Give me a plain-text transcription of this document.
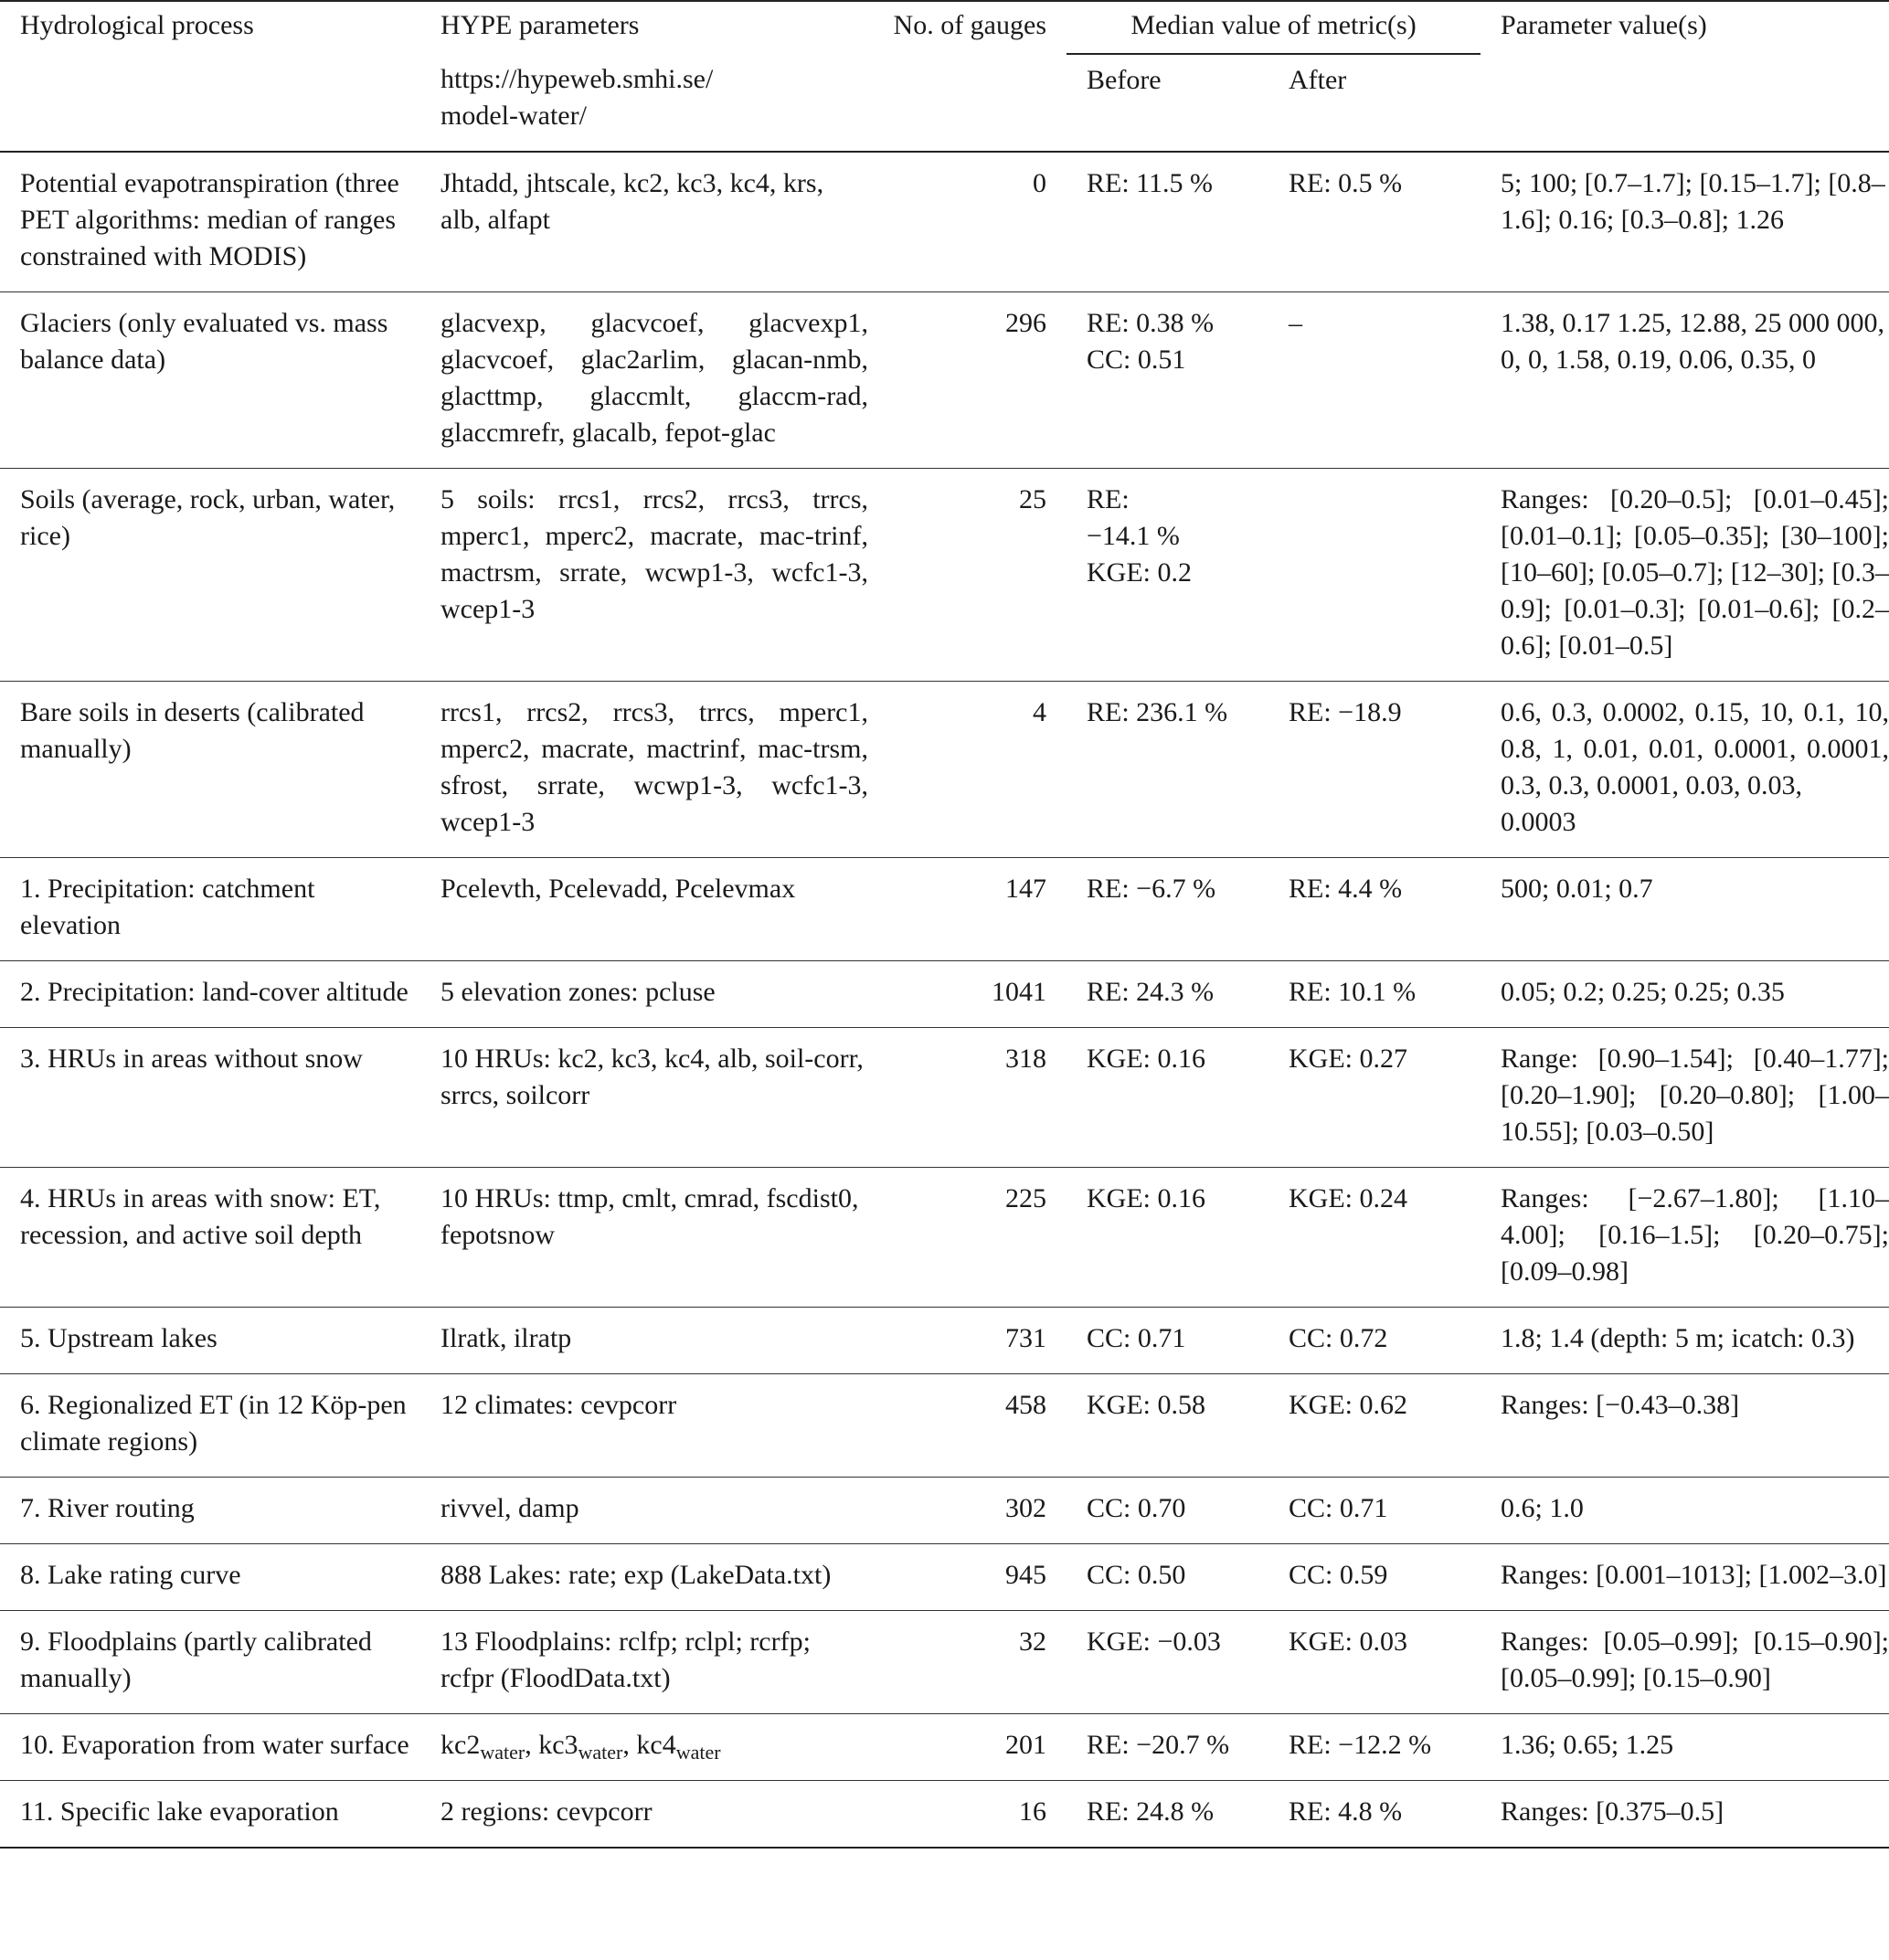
Hydrological process	HYPE parameters	No. of gauges	Median value of metric(s)		Parameter value(s)

	https://hypeweb.smhi.se/
model-water/		Before	After	
Potential evapotranspiration (three PET algorithms: median of ranges constrained with MODIS)	Jhtadd, jhtscale, kc2, kc3, kc4, krs, alb, alfapt	0	RE: 11.5 %	RE: 0.5 %	5; 100; [0.7–1.7]; [0.15–1.7]; [0.8–1.6]; 0.16; [0.3–0.8]; 1.26
Glaciers (only evaluated vs. mass balance data)	glacvexp, glacvcoef, glacvexp1, glacvcoef, glac2arlim, glacan-nmb, glacttmp, glaccmlt, glaccm-rad, glaccmrefr, glacalb, fepot-glac	296	RE: 0.38 %
CC: 0.51	–	1.38, 0.17 1.25, 12.88, 25 000 000, 0, 0, 1.58, 0.19, 0.06, 0.35, 0
Soils (average, rock, urban, water, rice)	5 soils: rrcs1, rrcs2, rrcs3, trrcs, mperc1, mperc2, macrate, mac-trinf, mactrsm, srrate, wcwp1-3, wcfc1-3, wcep1-3	25	RE:
−14.1 %
KGE: 0.2		Ranges: [0.20–0.5]; [0.01–0.45]; [0.01–0.1]; [0.05–0.35]; [30–100]; [10–60]; [0.05–0.7]; [12–30]; [0.3–0.9]; [0.01–0.3]; [0.01–0.6]; [0.2–0.6]; [0.01–0.5]
Bare soils in deserts (calibrated manually)	rrcs1, rrcs2, rrcs3, trrcs, mperc1, mperc2, macrate, mactrinf, mac-trsm, sfrost, srrate, wcwp1-3, wcfc1-3, wcep1-3	4	RE: 236.1 %	RE: −18.9	0.6, 0.3, 0.0002, 0.15, 10, 0.1, 10, 0.8, 1, 0.01, 0.01, 0.0001, 0.0001, 0.3, 0.3, 0.0001, 0.03, 0.03,
0.0003

1. Precipitation: catchment elevation	Pcelevth, Pcelevadd, Pcelevmax	147	RE: −6.7 %	RE: 4.4 %	500; 0.01; 0.7
2. Precipitation: land-cover altitude	5 elevation zones: pcluse	1041	RE: 24.3 %	RE: 10.1 %	0.05; 0.2; 0.25; 0.25; 0.35
3. HRUs in areas without snow	10 HRUs: kc2, kc3, kc4, alb, soil-corr, srrcs, soilcorr	318	KGE: 0.16	KGE: 0.27	Range: [0.90–1.54]; [0.40–1.77]; [0.20–1.90]; [0.20–0.80]; [1.00–10.55]; [0.03–0.50]
4. HRUs in areas with snow: ET, recession, and active soil depth	10 HRUs: ttmp, cmlt, cmrad, fscdist0, fepotsnow	225	KGE: 0.16	KGE: 0.24	Ranges: [−2.67–1.80]; [1.10–4.00]; [0.16–1.5]; [0.20–0.75]; [0.09–0.98]
5. Upstream lakes	Ilratk, ilratp	731	CC: 0.71	CC: 0.72	1.8; 1.4 (depth: 5 m; icatch: 0.3)
6. Regionalized ET (in 12 Köp-pen climate regions)	12 climates: cevpcorr	458	KGE: 0.58	KGE: 0.62	Ranges: [−0.43–0.38]
7. River routing	rivvel, damp	302	CC: 0.70	CC: 0.71	0.6; 1.0
8. Lake rating curve	888 Lakes: rate; exp (LakeData.txt)	945	CC: 0.50	CC: 0.59	Ranges: [0.001–1013]; [1.002–3.0]
9. Floodplains (partly calibrated manually)	13 Floodplains: rclfp; rclpl; rcrfp; rcfpr (FloodData.txt)	32	KGE: −0.03	KGE: 0.03	Ranges: [0.05–0.99]; [0.15–0.90]; [0.05–0.99]; [0.15–0.90]
10. Evaporation from water surface	$kc2_{water}$, $kc3_{water}$, $kc4_{water}$	201	RE: −20.7 %	RE: −12.2 %	1.36; 0.65; 1.25
11. Specific lake evaporation	2 regions: cevpcorr	16	RE: 24.8 %	RE: 4.8 %	Ranges: [0.375–0.5]
